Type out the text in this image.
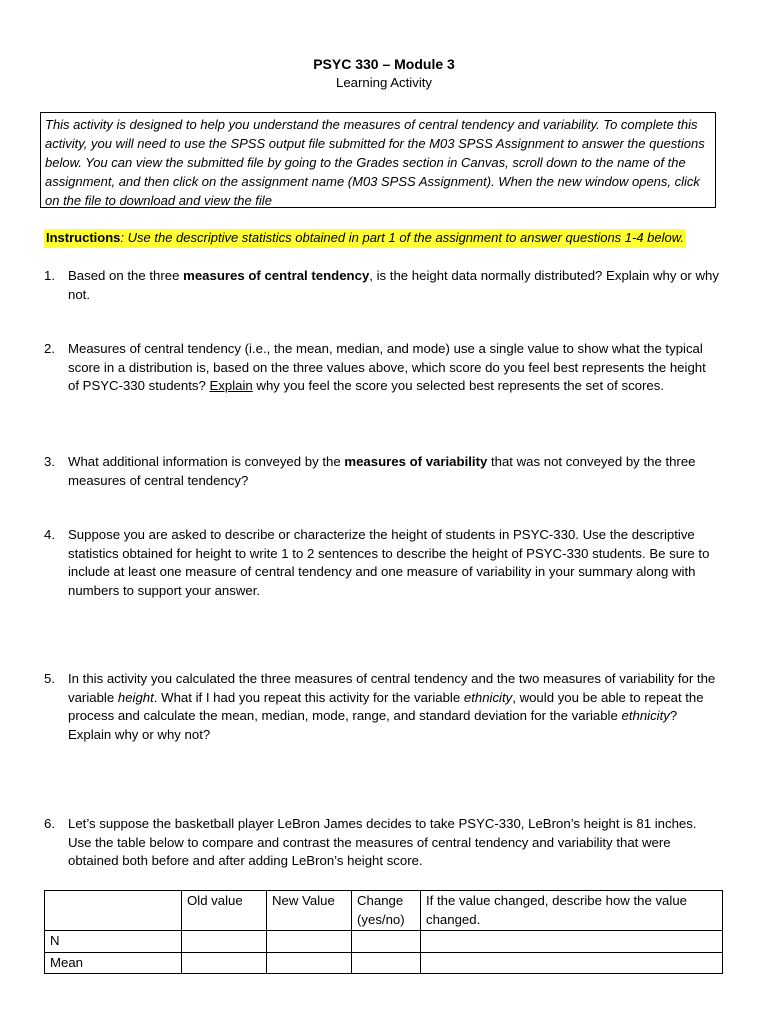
PSYC 330 – Module 3
Learning Activity
This activity is designed to help you understand the measures of central tendency and variability. To complete this activity, you will need to use the SPSS output file submitted for the M03 SPSS Assignment to answer the questions below. You can view the submitted file by going to the Grades section in Canvas, scroll down to the name of the assignment, and then click on the assignment name (M03 SPSS Assignment). When the new window opens, click on the file to download and view the file
Instructions: Use the descriptive statistics obtained in part 1 of the assignment to answer questions 1-4 below.
1. Based on the three measures of central tendency, is the height data normally distributed? Explain why or why not.
2. Measures of central tendency (i.e., the mean, median, and mode) use a single value to show what the typical score in a distribution is, based on the three values above, which score do you feel best represents the height of PSYC-330 students? Explain why you feel the score you selected best represents the set of scores.
3. What additional information is conveyed by the measures of variability that was not conveyed by the three measures of central tendency?
4. Suppose you are asked to describe or characterize the height of students in PSYC-330. Use the descriptive statistics obtained for height to write 1 to 2 sentences to describe the height of PSYC-330 students. Be sure to include at least one measure of central tendency and one measure of variability in your summary along with numbers to support your answer.
5. In this activity you calculated the three measures of central tendency and the two measures of variability for the variable height. What if I had you repeat this activity for the variable ethnicity, would you be able to repeat the process and calculate the mean, median, mode, range, and standard deviation for the variable ethnicity? Explain why or why not?
6. Let’s suppose the basketball player LeBron James decides to take PSYC-330, LeBron’s height is 81 inches. Use the table below to compare and contrast the measures of central tendency and variability that were obtained both before and after adding LeBron’s height score.
	Old value	New Value	Change (yes/no)	If the value changed, describe how the value changed.
N				
Mean				
